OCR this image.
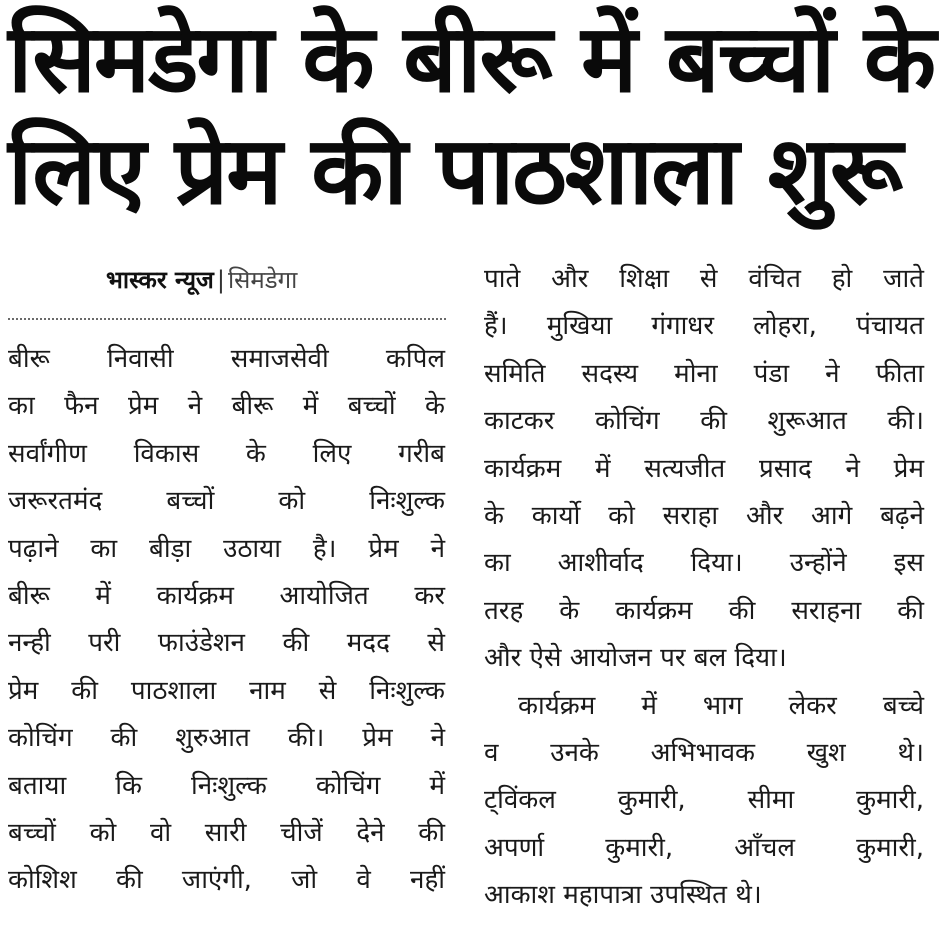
सिमडेगा के बीरू में बच्चों के
लिए प्रेम की पाठशाला शुरू
भास्कर न्यूज | सिमडेगा
बीरू निवासी समाजसेवी कपिल
का फैन प्रेम ने बीरू में बच्चों के
सर्वांगीण विकास के लिए गरीब
जरूरतमंद बच्चों को निःशुल्क
पढ़ाने का बीड़ा उठाया है। प्रेम ने
बीरू में कार्यक्रम आयोजित कर
नन्ही परी फाउंडेशन की मदद से
प्रेम की पाठशाला नाम से निःशुल्क
कोचिंग की शुरुआत की। प्रेम ने
बताया कि निःशुल्क कोचिंग में
बच्चों को वो सारी चीजें देने की
कोशिश की जाएंगी, जो वे नहीं
पाते और शिक्षा से वंचित हो जाते
हैं। मुखिया गंगाधर लोहरा, पंचायत
समिति सदस्य मोना पंडा ने फीता
काटकर कोचिंग की शुरूआत की।
कार्यक्रम में सत्यजीत प्रसाद ने प्रेम
के कार्यो को सराहा और आगे बढ़ने
का आशीर्वाद दिया। उन्होंने इस
तरह के कार्यक्रम की सराहना की
और ऐसे आयोजन पर बल दिया।
कार्यक्रम में भाग लेकर बच्चे
व उनके अभिभावक खुश थे।
ट्विंकल कुमारी, सीमा कुमारी,
अपर्णा कुमारी, आँचल कुमारी,
आकाश महापात्रा उपस्थित थे।
